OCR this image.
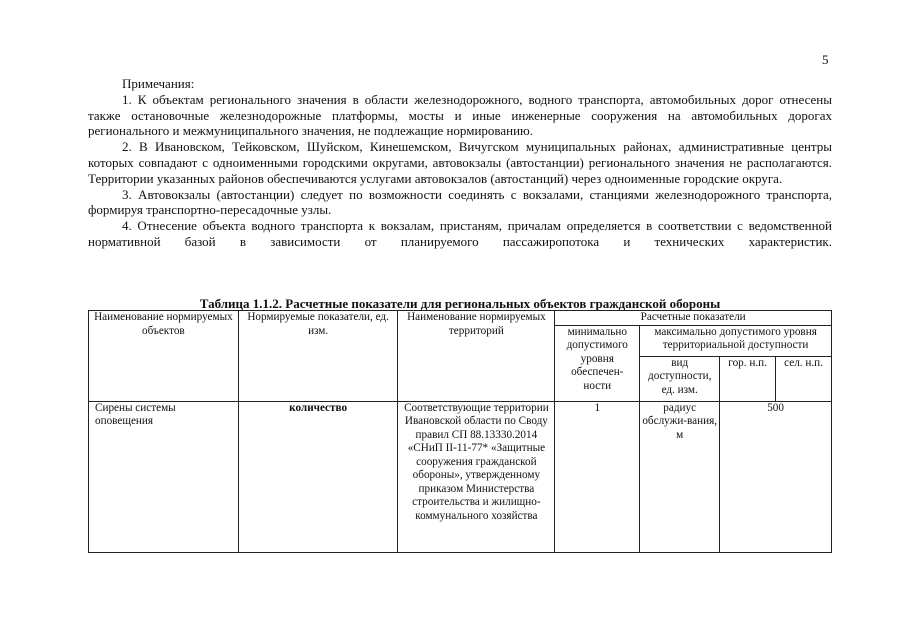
5

Примечания:

1. К объектам регионального значения в области железнодорожного, водного транспорта, автомобильных дорог отнесены также остановочные железнодорожные платформы, мосты и иные инженерные сооружения на автомобильных дорогах регионального и межмуниципального значения, не подлежащие нормированию.

2. В Ивановском, Тейковском, Шуйском, Кинешемском, Вичугском муниципальных районах, административные центры которых совпадают с одноименными городскими округами, автовокзалы (автостанции) регионального значения не располагаются. Территории указанных районов обеспечиваются услугами автовокзалов (автостанций) через одноименные городские округа.

3. Автовокзалы (автостанции) следует по возможности соединять с вокзалами, станциями железнодорожного транспорта, формируя транспортно-пересадочные узлы.

4. Отнесение объекта водного транспорта к вокзалам, пристаням, причалам определяется в соответствии с ведомственной нормативной базой в зависимости от планируемого пассажиропотока и технических характеристик.

Таблица 1.1.2. Расчетные показатели для региональных объектов гражданской обороны
Наименование нормируемых объектов	Нормируемые показатели, ед. изм.	Наименование нормируемых территорий	Расчетные показатели			
			минимально допустимого уровня обеспечен-ности	максимально допустимого уровня территориальной доступности		
				вид доступности, ед. изм.	гор. н.п.	сел. н.п.
Сирены системы оповещения	количество	Соответствующие территории Ивановской области по Своду правил СП 88.13330.2014 «СНиП II-11-77* «Защитные сооружения гражданской обороны», утвержденному приказом Министерства строительства и жилищно-коммунального хозяйства	1	радиус обслужи-вания, м	500	
